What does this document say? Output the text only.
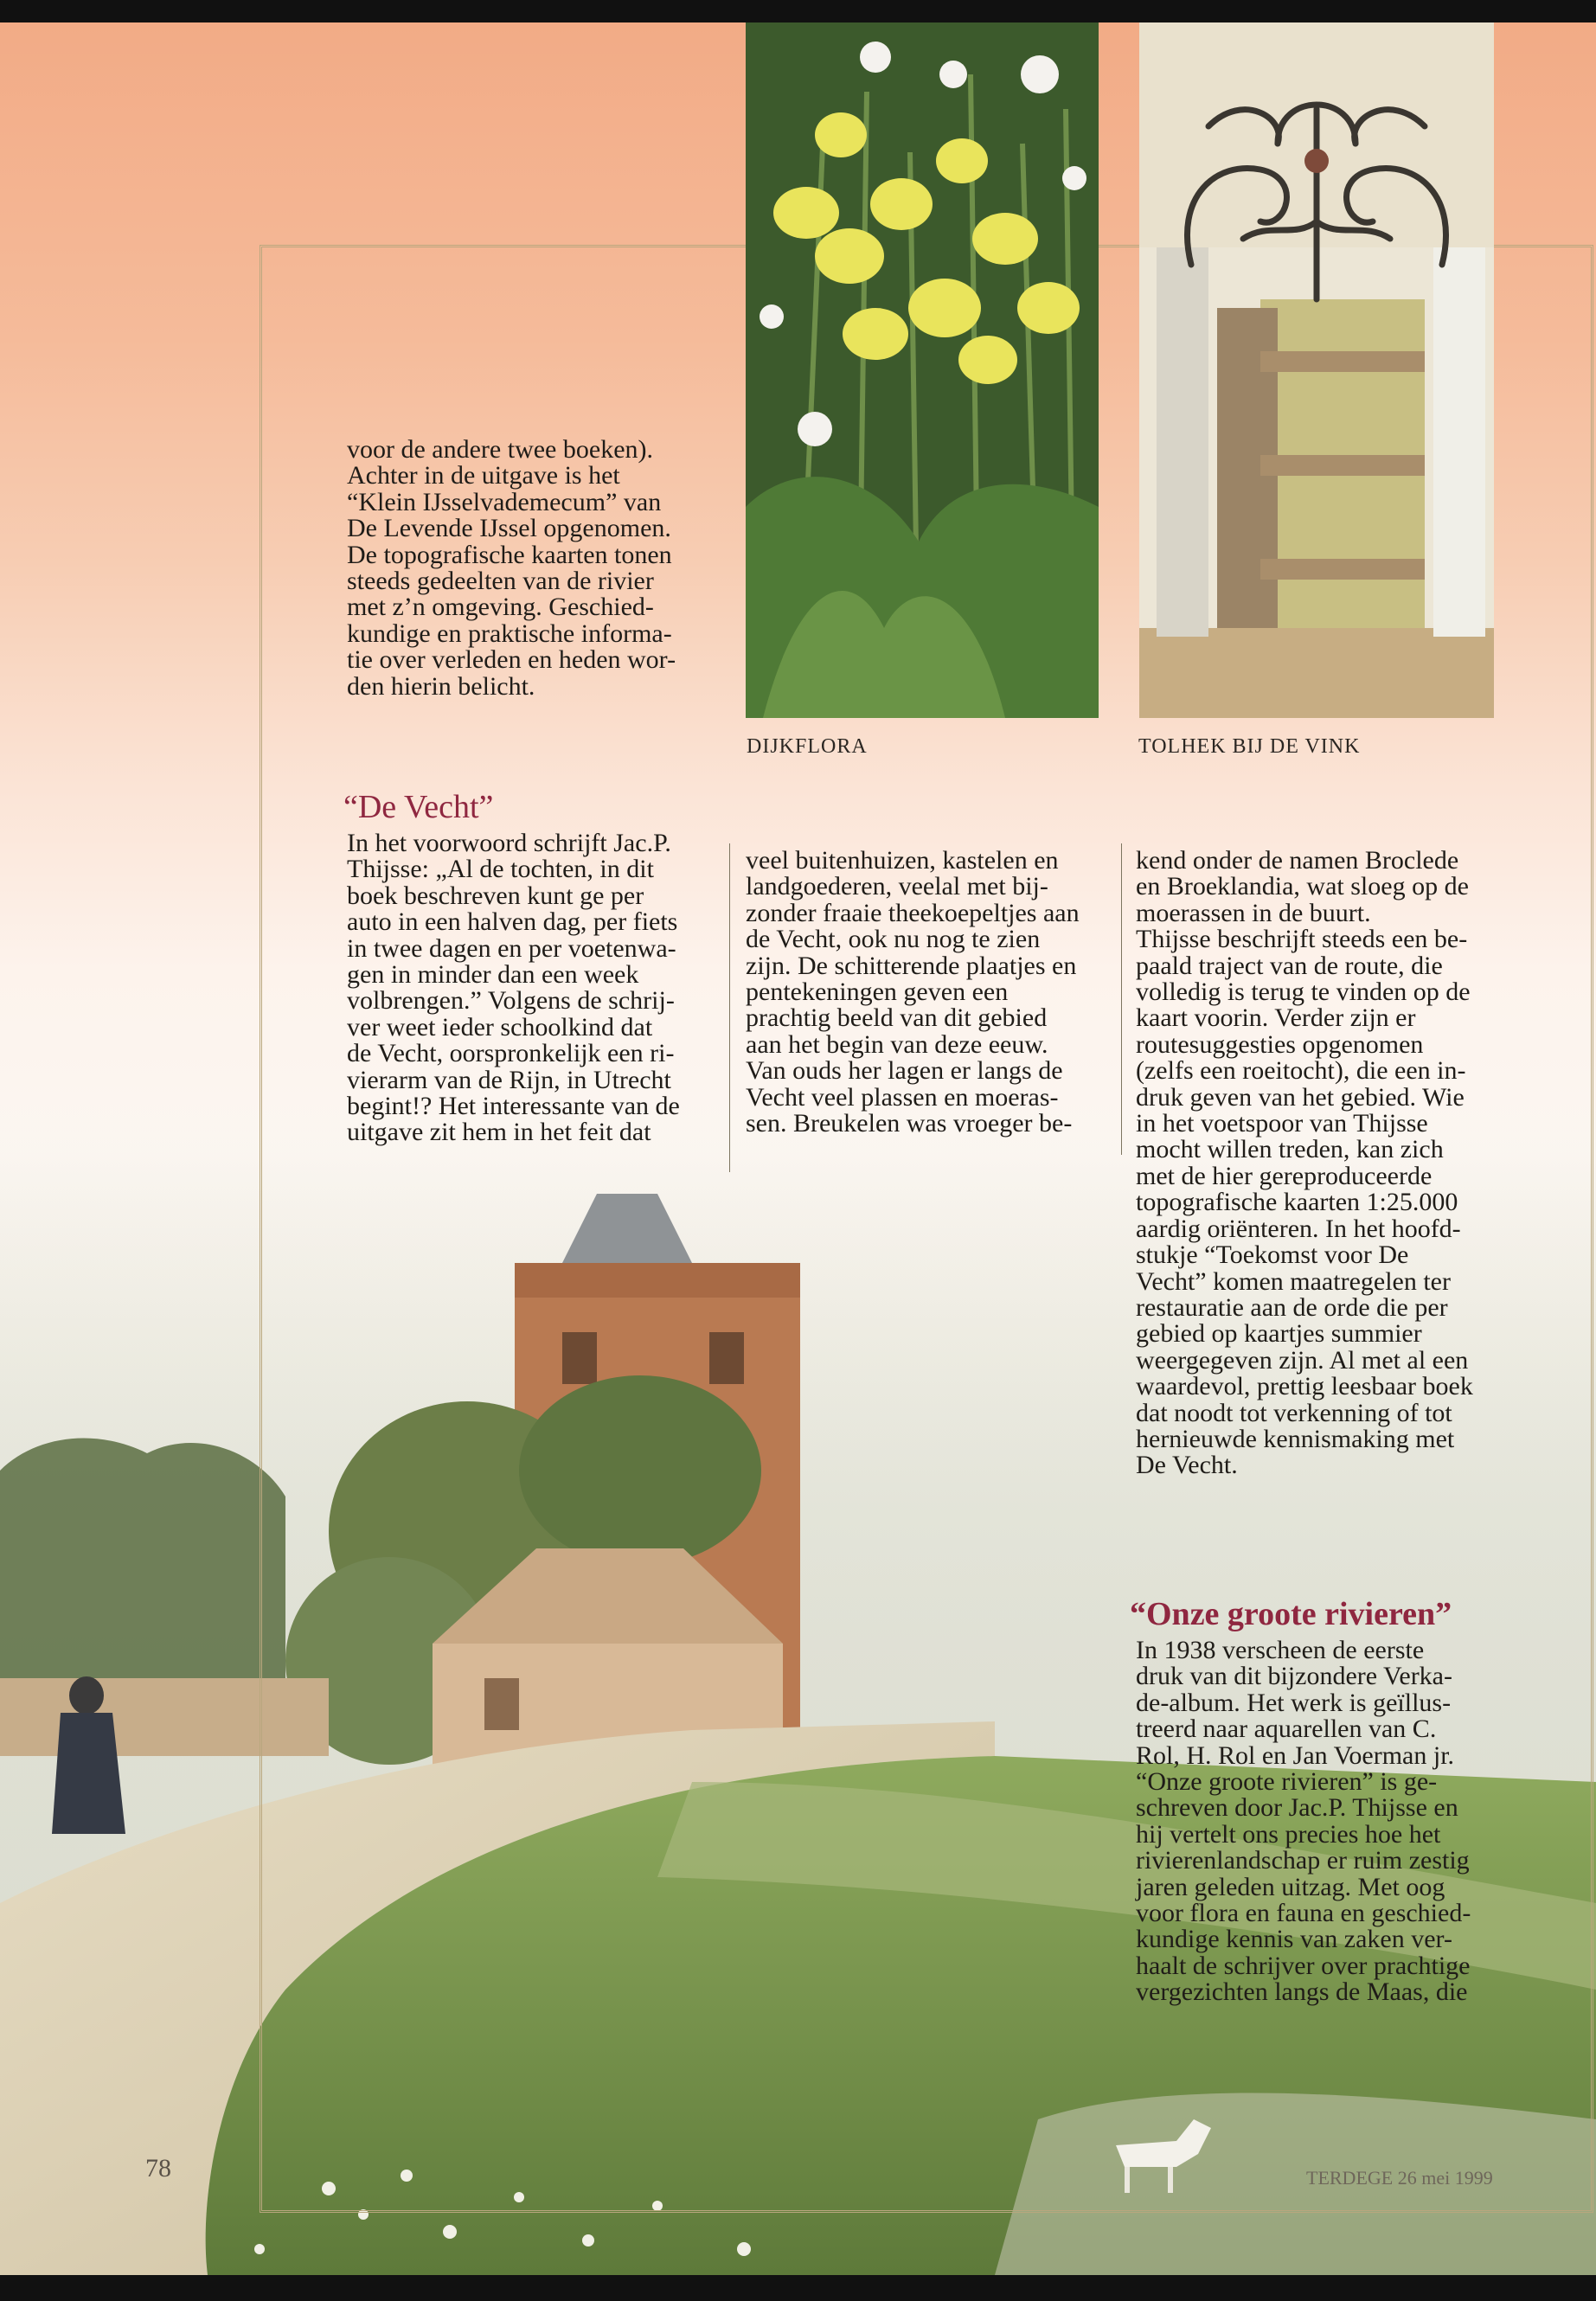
DIJKFLORA	TOLHEK BIJ DE VINK

voor de andere twee boeken).

Achter in de uitgave is het

“Klein IJsselvademecum” van

De Levende IJssel opgenomen.

De topografische kaarten tonen

steeds gedeelten van de rivier

met z’n omgeving. Geschied-

kundige en praktische informa-

tie over verleden en heden wor-

den hierin belicht.

“De Vecht”

In het voorwoord schrijft Jac.P.

Thijsse: „Al de tochten, in dit

boek beschreven kunt ge per

auto in een halven dag, per fiets

in twee dagen en per voetenwa-

gen in minder dan een week

volbrengen.” Volgens de schrij-

ver weet ieder schoolkind dat

de Vecht, oorspronkelijk een ri-

vierarm van de Rijn, in Utrecht

begint!? Het interessante van de

uitgave zit hem in het feit dat

veel buitenhuizen, kastelen en

landgoederen, veelal met bij-

zonder fraaie theekoepeltjes aan

de Vecht, ook nu nog te zien

zijn. De schitterende plaatjes en

pentekeningen geven een

prachtig beeld van dit gebied

aan het begin van deze eeuw.

Van ouds her lagen er langs de

Vecht veel plassen en moeras-

sen. Breukelen was vroeger be-

kend onder de namen Broclede

en Broeklandia, wat sloeg op de

moerassen in de buurt.

Thijsse beschrijft steeds een be-

paald traject van de route, die

volledig is terug te vinden op de

kaart voorin. Verder zijn er

routesuggesties opgenomen

(zelfs een roeitocht), die een in-

druk geven van het gebied. Wie

in het voetspoor van Thijsse

mocht willen treden, kan zich

met de hier gereproduceerde

topografische kaarten 1:25.000

aardig oriënteren. In het hoofd-

stukje “Toekomst voor De

Vecht” komen maatregelen ter

restauratie aan de orde die per

gebied op kaartjes summier

weergegeven zijn. Al met al een

waardevol, prettig leesbaar boek

dat noodt tot verkenning of tot

hernieuwde kennismaking met

De Vecht.

“Onze groote rivieren”

In 1938 verscheen de eerste

druk van dit bijzondere Verka-

de-album. Het werk is geïllus-

treerd naar aquarellen van C.

Rol, H. Rol en Jan Voerman jr.

“Onze groote rivieren” is ge-

schreven door Jac.P. Thijsse en

hij vertelt ons precies hoe het

rivierenlandschap er ruim zestig

jaren geleden uitzag. Met oog

voor flora en fauna en geschied-

kundige kennis van zaken ver-

haalt de schrijver over prachtige

vergezichten langs de Maas, die

78	TERDEGE 26 mei 1999
